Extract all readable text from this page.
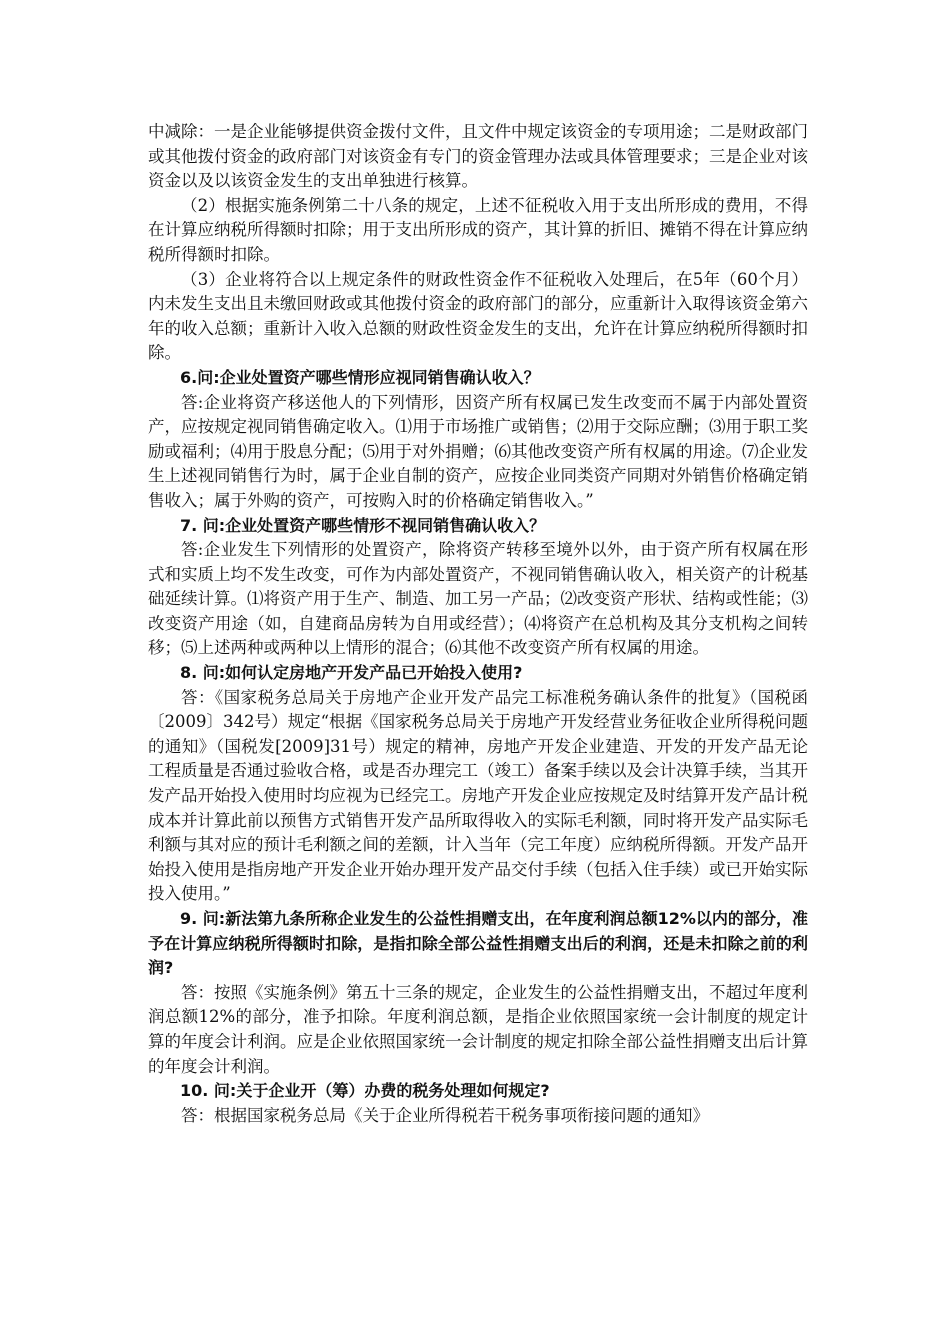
中减除：一是企业能够提供资金拨付文件，且文件中规定该资金的专项用途；二是财政部门或其他拨付资金的政府部门对该资金有专门的资金管理办法或具体管理要求；三是企业对该资金以及以该资金发生的支出单独进行核算。

（2）根据实施条例第二十八条的规定，上述不征税收入用于支出所形成的费用，不得在计算应纳税所得额时扣除；用于支出所形成的资产，其计算的折旧、摊销不得在计算应纳税所得额时扣除。

（3）企业将符合以上规定条件的财政性资金作不征税收入处理后，在5年（60个月）内未发生支出且未缴回财政或其他拨付资金的政府部门的部分，应重新计入取得该资金第六年的收入总额；重新计入收入总额的财政性资金发生的支出，允许在计算应纳税所得额时扣除。

6.问:企业处置资产哪些情形应视同销售确认收入？

答:企业将资产移送他人的下列情形，因资产所有权属已发生改变而不属于内部处置资产，应按规定视同销售确定收入。⑴用于市场推广或销售；⑵用于交际应酬；⑶用于职工奖励或福利；⑷用于股息分配；⑸用于对外捐赠；⑹其他改变资产所有权属的用途。⑺企业发生上述视同销售行为时，属于企业自制的资产，应按企业同类资产同期对外销售价格确定销售收入；属于外购的资产，可按购入时的价格确定销售收入。”

7. 问:企业处置资产哪些情形不视同销售确认收入？

答:企业发生下列情形的处置资产，除将资产转移至境外以外，由于资产所有权属在形式和实质上均不发生改变，可作为内部处置资产，不视同销售确认收入，相关资产的计税基础延续计算。⑴将资产用于生产、制造、加工另一产品；⑵改变资产形状、结构或性能；⑶改变资产用途（如，自建商品房转为自用或经营）；⑷将资产在总机构及其分支机构之间转移；⑸上述两种或两种以上情形的混合；⑹其他不改变资产所有权属的用途。

8. 问:如何认定房地产开发产品已开始投入使用?

答：《国家税务总局关于房地产企业开发产品完工标准税务确认条件的批复》（国税函〔2009〕342号）规定“根据《国家税务总局关于房地产开发经营业务征收企业所得税问题的通知》（国税发[2009]31号）规定的精神，房地产开发企业建造、开发的开发产品无论工程质量是否通过验收合格，或是否办理完工（竣工）备案手续以及会计决算手续，当其开发产品开始投入使用时均应视为已经完工。房地产开发企业应按规定及时结算开发产品计税成本并计算此前以预售方式销售开发产品所取得收入的实际毛利额，同时将开发产品实际毛利额与其对应的预计毛利额之间的差额，计入当年（完工年度）应纳税所得额。开发产品开始投入使用是指房地产开发企业开始办理开发产品交付手续（包括入住手续）或已开始实际投入使用。”

9. 问:新法第九条所称企业发生的公益性捐赠支出，在年度利润总额12%以内的部分，准予在计算应纳税所得额时扣除，是指扣除全部公益性捐赠支出后的利润，还是未扣除之前的利润?

答：按照《实施条例》第五十三条的规定，企业发生的公益性捐赠支出，不超过年度利润总额12%的部分，准予扣除。年度利润总额，是指企业依照国家统一会计制度的规定计算的年度会计利润。应是企业依照国家统一会计制度的规定扣除全部公益性捐赠支出后计算的年度会计利润。

10. 问:关于企业开（筹）办费的税务处理如何规定?

答：根据国家税务总局《关于企业所得税若干税务事项衔接问题的通知》
